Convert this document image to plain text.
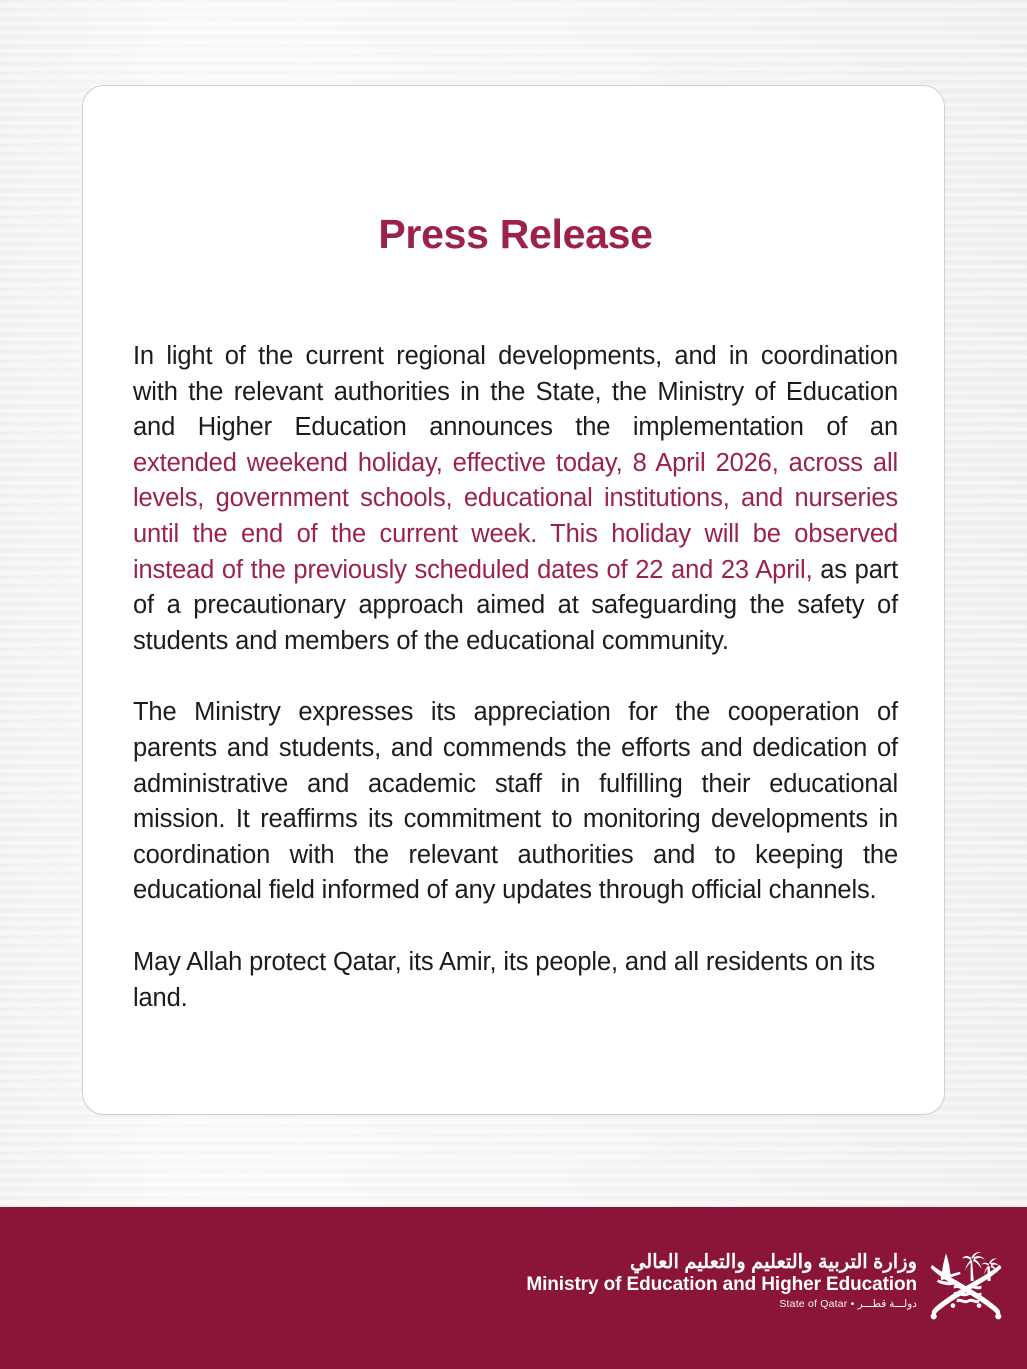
Press Release

In light of the current regional developments, and in coordination with the relevant authorities in the State, the Ministry of Education and Higher Education announces the implementation of an extended weekend holiday, effective today, 8 April 2026, across all levels, government schools, educational institutions, and nurseries until the end of the current week. This holiday will be observed instead of the previously scheduled dates of 22 and 23 April, as part of a precautionary approach aimed at safeguarding the safety of students and members of the educational community.

The Ministry expresses its appreciation for the cooperation of parents and students, and commends the efforts and dedication of administrative and academic staff in fulfilling their educational mission. It reaffirms its commitment to monitoring developments in coordination with the relevant authorities and to keeping the educational field informed of any updates through official channels.

May Allah protect Qatar, its Amir, its people, and all residents on its land.

وزارة التربية والتعليم والتعليم العالي
Ministry of Education and Higher Education
State of Qatar • دولـــة قطـــر
